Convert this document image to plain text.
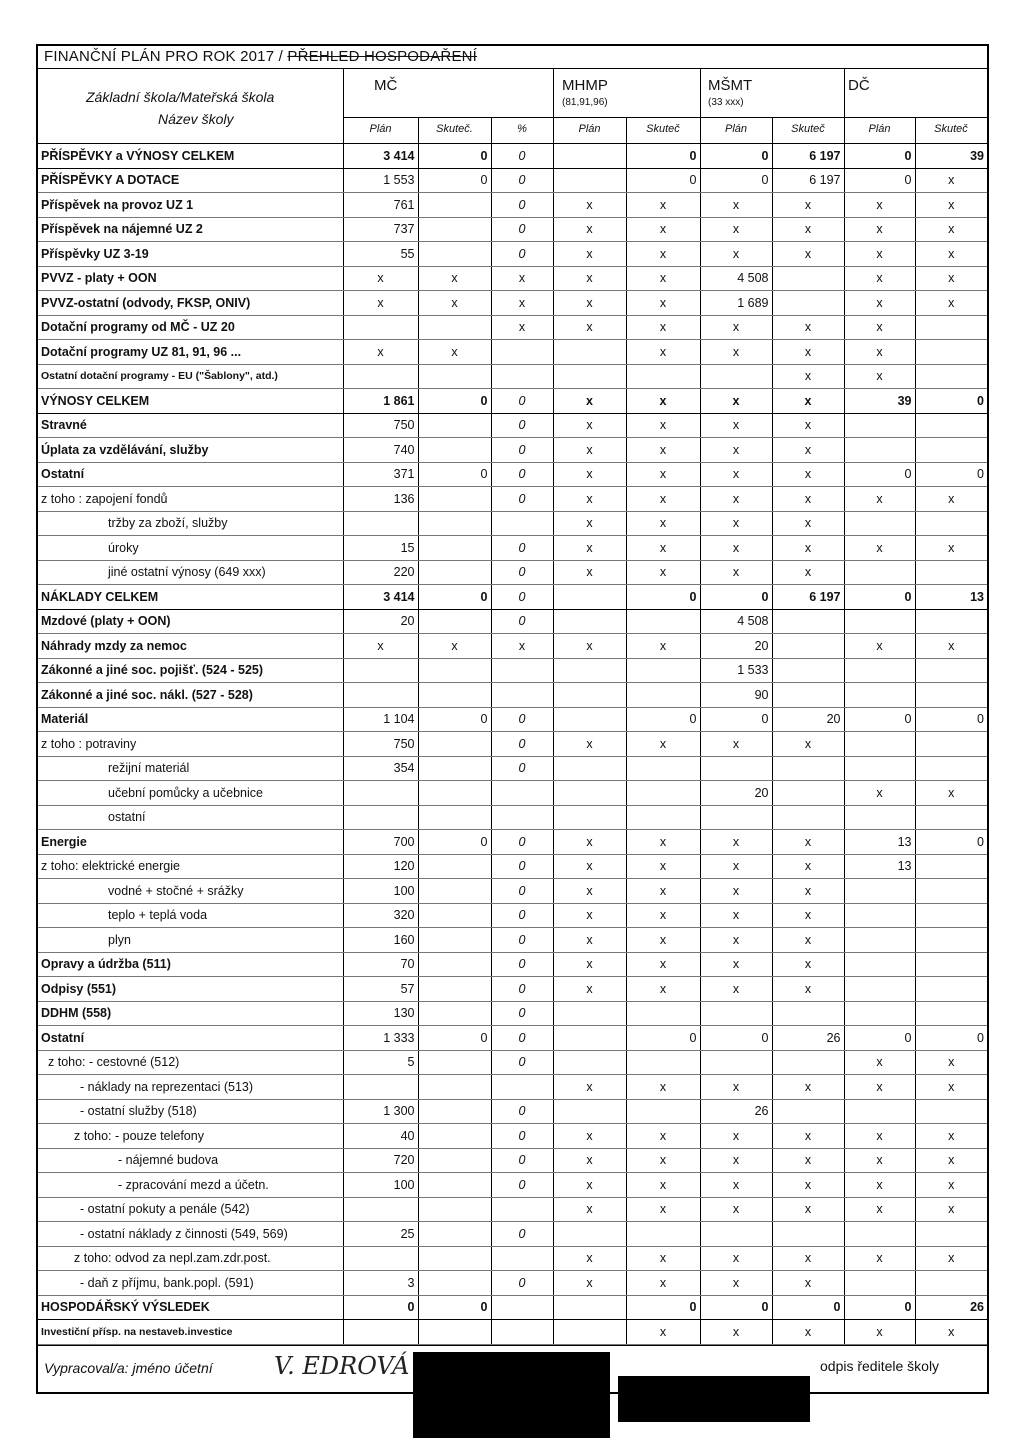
FINANČNÍ PLÁN PRO ROK 2017 / PŘEHLED HOSPODAŘENÍ
Základní škola/Mateřská škola
Název školy
MČ	MHMP
(81,91,96)
MŠMT
(33 xxx)
DČ
Plán	Skuteč.	%	Plán	Skuteč	Plán	Skuteč	Plán	Skuteč
PŘÍSPĚVKY a VÝNOSY CELKEM	3 414	0	0		0	0	6 197	0	39
PŘÍSPĚVKY A DOTACE	1 553	0	0		0	0	6 197	0	x
Příspěvek na provoz UZ 1	761		0	x	x	x	x	x	x
Příspěvek na nájemné UZ 2	737		0	x	x	x	x	x	x
Příspěvky UZ 3-19	55		0	x	x	x	x	x	x
PVVZ - platy + OON	x	x	x	x	x	4 508		x	x
PVVZ-ostatní (odvody, FKSP, ONIV)	x	x	x	x	x	1 689		x	x
Dotační programy od MČ - UZ 20			x	x	x	x	x	x	
Dotační programy UZ 81, 91, 96 ...	x	x			x	x	x	x	
Ostatní dotační programy - EU ("Šablony", atd.)							x	x	
VÝNOSY CELKEM	1 861	0	0	x	x	x	x	39	0
Stravné	750		0	x	x	x	x		
Úplata za vzdělávání, služby	740		0	x	x	x	x		
Ostatní	371	0	0	x	x	x	x	0	0
z toho : zapojení fondů	136		0	x	x	x	x	x	x
tržby za zboží, služby				x	x	x	x		
úroky	15		0	x	x	x	x	x	x
jiné ostatní výnosy (649 xxx)	220		0	x	x	x	x		
NÁKLADY CELKEM	3 414	0	0		0	0	6 197	0	13
Mzdové (platy + OON)	20		0			4 508			
Náhrady mzdy za nemoc	x	x	x	x	x	20		x	x
Zákonné a jiné soc. pojišť. (524 - 525)						1 533			
Zákonné a jiné soc. nákl. (527 - 528)						90			
Materiál	1 104	0	0		0	0	20	0	0
z toho : potraviny	750		0	x	x	x	x		
režijní materiál	354		0						
učební pomůcky a učebnice						20		x	x
ostatní									
Energie	700	0	0	x	x	x	x	13	0
z toho: elektrické energie	120		0	x	x	x	x	13	
vodné + stočné + srážky	100		0	x	x	x	x		
teplo + teplá voda	320		0	x	x	x	x		
plyn	160		0	x	x	x	x		
Opravy a údržba (511)	70		0	x	x	x	x		
Odpisy (551)	57		0	x	x	x	x		
DDHM (558)	130		0						
Ostatní	1 333	0	0		0	0	26	0	0
z toho: - cestovné (512)	5		0					x	x
- náklady na reprezentaci (513)				x	x	x	x	x	x
- ostatní služby (518)	1 300		0			26			
z toho: - pouze telefony	40		0	x	x	x	x	x	x
- nájemné budova	720		0	x	x	x	x	x	x
- zpracování mezd a účetn.	100		0	x	x	x	x	x	x
- ostatní pokuty a penále (542)				x	x	x	x	x	x
- ostatní náklady z činnosti (549, 569)	25		0						
z toho: odvod za nepl.zam.zdr.post.				x	x	x	x	x	x
- daň z příjmu, bank.popl. (591)	3		0	x	x	x	x		
HOSPODÁŘSKÝ VÝSLEDEK	0	0			0	0	0	0	26
Investiční přísp. na nestaveb.investice					x	x	x	x	x
Vypracoval/a: jméno účetní	V. EDROVÁ	odpis ředitele školy
